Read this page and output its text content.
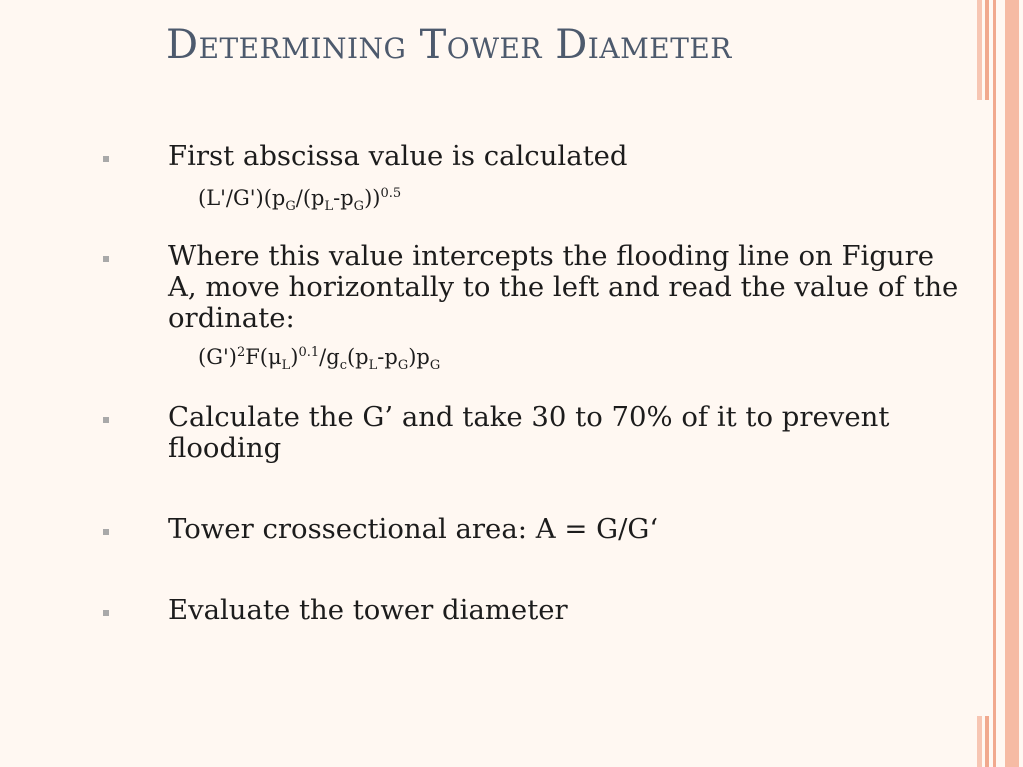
Determining Tower Diameter
First abscissa value is calculated
$(L'/G')(p_G/(p_L-p_G))^{0.5}$
Where this value intercepts the flooding line on Figure A, move horizontally to the left and read the value of the ordinate:
$(G')^2F(\mu_L)^{0.1}/g_c(p_L-p_G)p_G$
Calculate the G’ and take 30 to 70% of it to prevent flooding
Tower crossectional area: A = G/G‘
Evaluate the tower diameter
